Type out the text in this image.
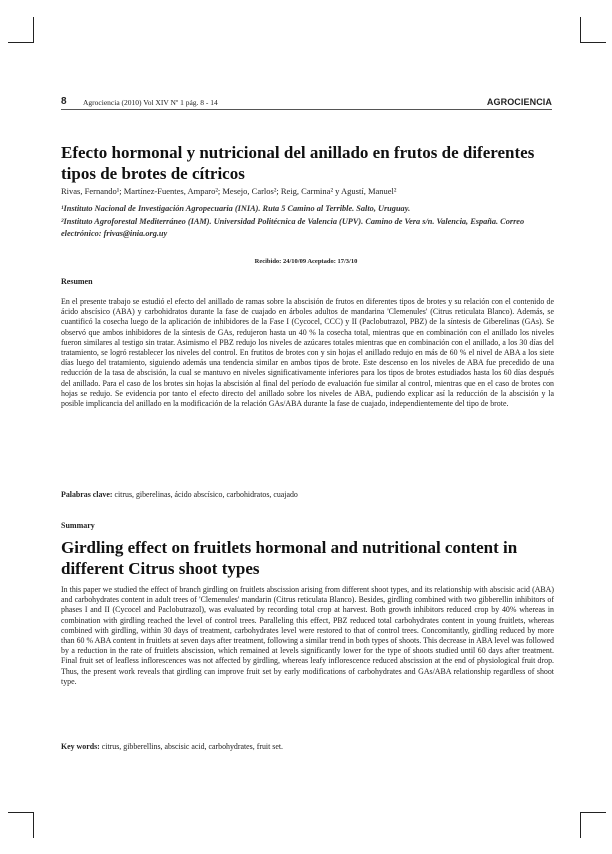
8 Agrociencia (2010) Vol XIV Nº 1 pág. 8 - 14	AGROCIENCIA
Efecto hormonal y nutricional del anillado en frutos de diferentes tipos de brotes de cítricos
Rivas, Fernando¹; Martínez-Fuentes, Amparo²; Mesejo, Carlos²; Reig, Carmina² y Agustí, Manuel²
¹Instituto Nacional de Investigación Agropecuaria (INIA). Ruta 5 Camino al Terrible. Salto, Uruguay.
²Instituto Agroforestal Mediterráneo (IAM). Universidad Politécnica de Valencia (UPV). Camino de Vera s/n. Valencia, España. Correo electrónico: frivas@inia.org.uy
Recibido: 24/10/09 Aceptado: 17/3/10
Resumen

En el presente trabajo se estudió el efecto del anillado de ramas sobre la abscisión de frutos en diferentes tipos de brotes y su relación con el contenido de ácido abscísico (ABA) y carbohidratos durante la fase de cuajado en árboles adultos de mandarina 'Clemenules' (Citrus reticulata Blanco). Además, se cuantificó la cosecha luego de la aplicación de inhibidores de la Fase I (Cycocel, CCC) y II (Paclobutrazol, PBZ) de la síntesis de Giberelinas (GAs). Se observó que ambos inhibidores de la síntesis de GAs, redujeron hasta un 40 % la cosecha total, mientras que en combinación con el anillado los niveles fueron similares al testigo sin tratar. Asimismo el PBZ redujo los niveles de azúcares totales mientras que en combinación con el anillado, a los 30 días del tratamiento, se logró restablecer los niveles del control. En frutitos de brotes con y sin hojas el anillado redujo en más de 60 % el nivel de ABA a los siete días luego del tratamiento, siguiendo además una tendencia similar en ambos tipos de brote. Este descenso en los niveles de ABA fue precedido de una reducción de la tasa de abscisión, la cual se mantuvo en niveles significativamente inferiores para los tipos de brotes estudiados hasta los 60 días después del anillado. Para el caso de los brotes sin hojas la abscisión al final del período de evaluación fue similar al control, mientras que en el caso de brotes con hojas se redujo. Se evidencia por tanto el efecto directo del anillado sobre los niveles de ABA, pudiendo explicar así la reducción de la abscisión y la posible implicancia del anillado en la modificación de la relación GAs/ABA durante la fase de cuajado, independientemente del tipo de brote.

Palabras clave: citrus, giberelinas, ácido abscísico, carbohidratos, cuajado
Summary
Girdling effect on fruitlets hormonal and nutritional content in different Citrus shoot types

In this paper we studied the effect of branch girdling on fruitlets abscission arising from different shoot types, and its relationship with abscisic acid (ABA) and carbohydrates content in adult trees of 'Clemenules' mandarin (Citrus reticulata Blanco). Besides, girdling combined with two gibberellin inhibitors of phases I and II (Cycocel and Paclobutrazol), was evaluated by recording total crop at harvest. Both growth inhibitors reduced crop by 40% whereas in combination with girdling reached the level of control trees. Paralleling this effect, PBZ reduced total carbohydrates content in young fruitlets, whereas combined with girdling, within 30 days of treatment, carbohydrates level were restored to that of control trees. Concomitantly, girdling reduced by more than 60 % ABA content in fruitlets at seven days after treatment, following a similar trend in both types of shoots. This decrease in ABA level was followed by a reduction in the rate of fruitlets abscission, which remained at levels significantly lower for the type of shoots studied until 60 days after treatment. Final fruit set of leafless inflorescences was not affected by girdling, whereas leafy inflorescence reduced abscission at the end of physiological fruit drop. Thus, the present work reveals that girdling can improve fruit set by early modifications of carbohydrates and GAs/ABA relationship regardless of shoot type.

Key words: citrus, gibberellins, abscisic acid, carbohydrates, fruit set.
